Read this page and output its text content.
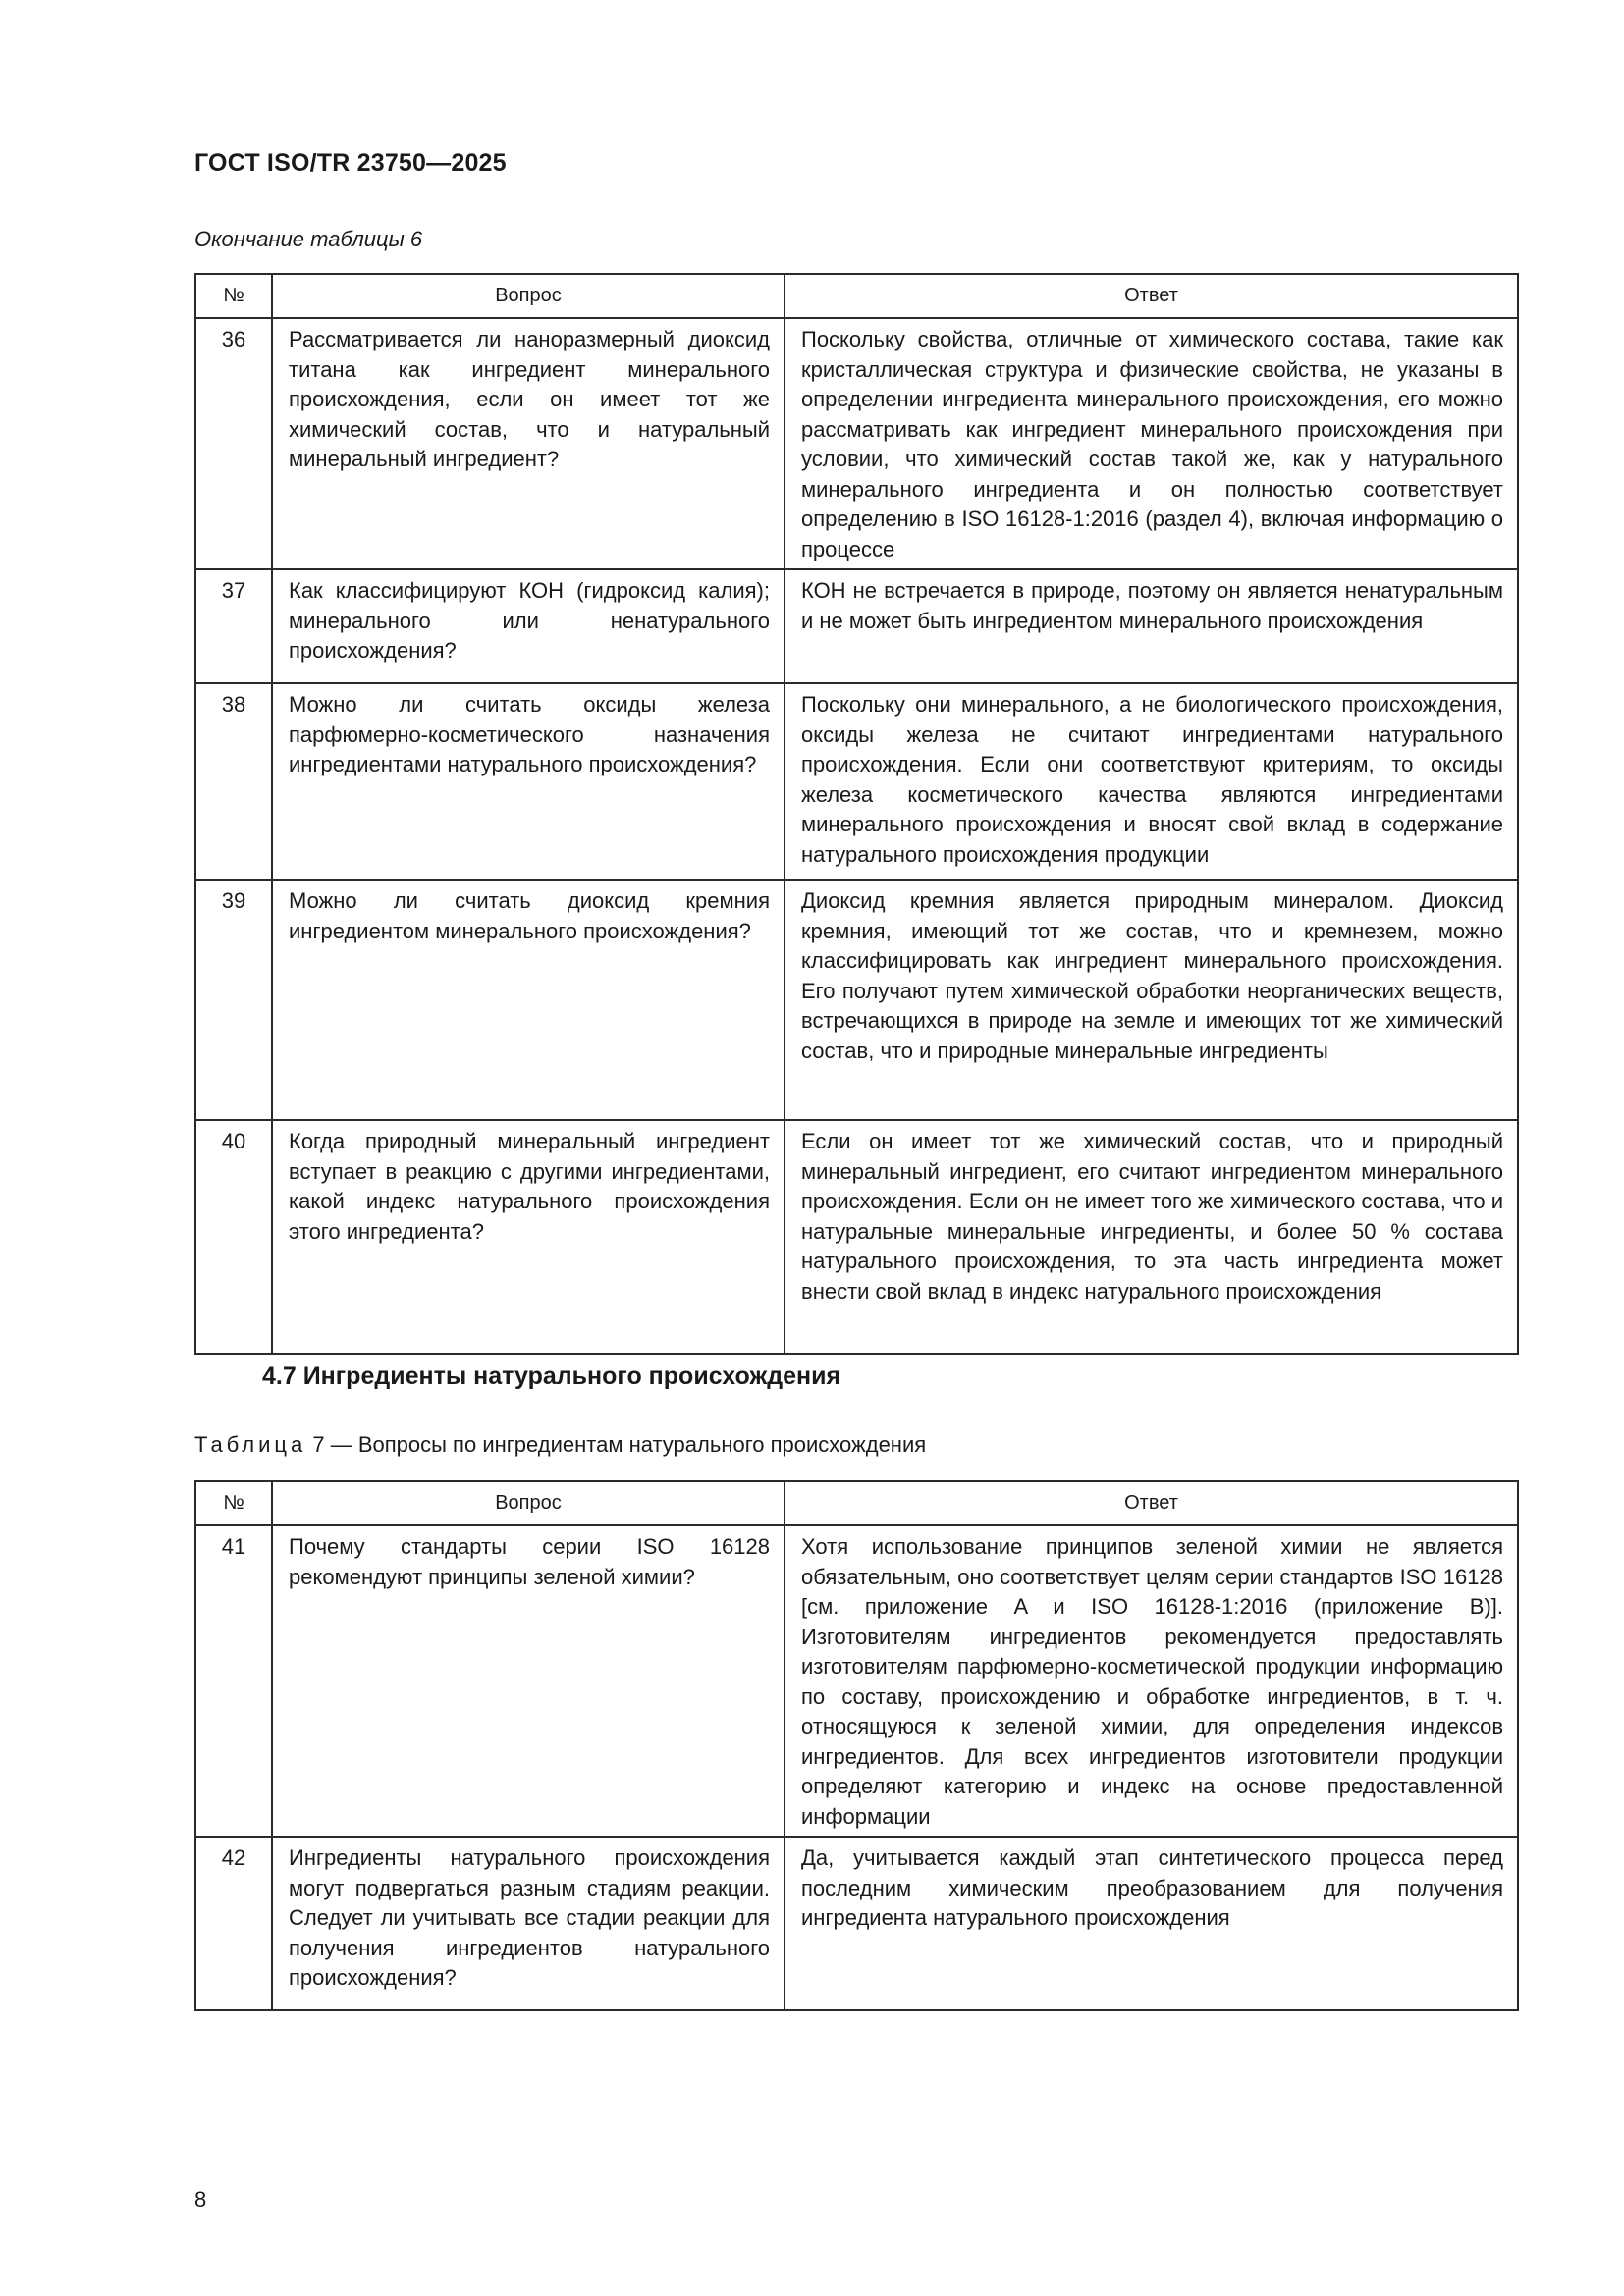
ГОСТ ISO/TR 23750—2025
Окончание таблицы 6
№	Вопрос	Ответ
36	Рассматривается ли наноразмерный диоксид титана как ингредиент минерального происхождения, если он имеет тот же химический состав, что и натуральный минеральный ингредиент?	Поскольку свойства, отличные от химического состава, такие как кристаллическая структура и физические свойства, не указаны в определении ингредиента минерального происхождения, его можно рассматривать как ингредиент минерального происхождения при условии, что химический состав такой же, как у натурального минерального ингредиента и он полностью соответствует определению в ISO 16128-1:2016 (раздел 4), включая информацию о процессе
37	Как классифицируют КОН (гидроксид калия); минерального или ненатурального происхождения?	КОН не встречается в природе, поэтому он является ненатуральным и не может быть ингредиентом минерального происхождения
38	Можно ли считать оксиды железа парфюмерно-косметического назначения ингредиентами натурального происхождения?	Поскольку они минерального, а не биологического происхождения, оксиды железа не считают ингредиентами натурального происхождения. Если они соответствуют критериям, то оксиды железа косметического качества являются ингредиентами минерального происхождения и вносят свой вклад в содержание натурального происхождения продукции
39	Можно ли считать диоксид кремния ингредиентом минерального происхождения?	Диоксид кремния является природным минералом. Диоксид кремния, имеющий тот же состав, что и кремнезем, можно классифицировать как ингредиент минерального происхождения. Его получают путем химической обработки неорганических веществ, встречающихся в природе на земле и имеющих тот же химический состав, что и природные минеральные ингредиенты
40	Когда природный минеральный ингредиент вступает в реакцию с другими ингредиентами, какой индекс натурального происхождения этого ингредиента?	Если он имеет тот же химический состав, что и природный минеральный ингредиент, его считают ингредиентом минерального происхождения. Если он не имеет того же химического состава, что и натуральные минеральные ингредиенты, и более 50 % состава натурального происхождения, то эта часть ингредиента может внести свой вклад в индекс натурального происхождения
4.7 Ингредиенты натурального происхождения
Таблица 7 — Вопросы по ингредиентам натурального происхождения
№	Вопрос	Ответ
41	Почему стандарты серии ISO 16128 рекомендуют принципы зеленой химии?	Хотя использование принципов зеленой химии не является обязательным, оно соответствует целям серии стандартов ISO 16128 [см. приложение A и ISO 16128-1:2016 (приложение B)]. Изготовителям ингредиентов рекомендуется предоставлять изготовителям парфюмерно-косметической продукции информацию по составу, происхождению и обработке ингредиентов, в т. ч. относящуюся к зеленой химии, для определения индексов ингредиентов. Для всех ингредиентов изготовители продукции определяют категорию и индекс на основе предоставленной информации
42	Ингредиенты натурального происхождения могут подвергаться разным стадиям реакции. Следует ли учитывать все стадии реакции для получения ингредиентов натурального происхождения?	Да, учитывается каждый этап синтетического процесса перед последним химическим преобразованием для получения ингредиента натурального происхождения
8
